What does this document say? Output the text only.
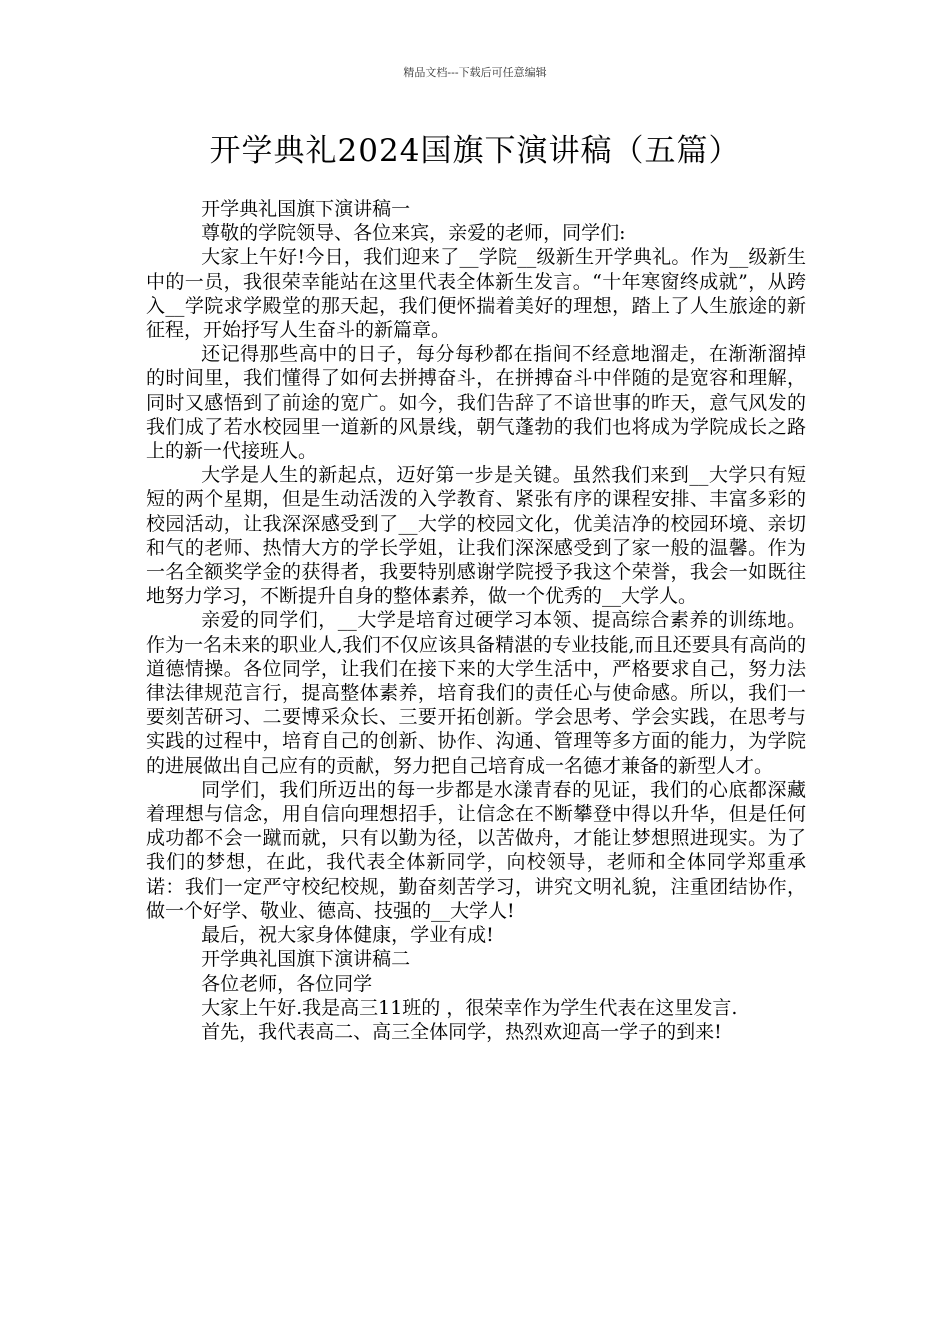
精品文档---下载后可任意编辑
开学典礼2024国旗下演讲稿（五篇）

开学典礼国旗下演讲稿一

尊敬的学院领导、各位来宾，亲爱的老师，同学们:

大家上午好!今日，我们迎来了__学院__级新生开学典礼。作为__级新生中的一员，我很荣幸能站在这里代表全体新生发言。“十年寒窗终成就”，从跨入__学院求学殿堂的那天起，我们便怀揣着美好的理想，踏上了人生旅途的新征程，开始抒写人生奋斗的新篇章。

还记得那些高中的日子，每分每秒都在指间不经意地溜走，在渐渐溜掉的时间里，我们懂得了如何去拼搏奋斗，在拼搏奋斗中伴随的是宽容和理解，同时又感悟到了前途的宽广。如今，我们告辞了不谙世事的昨天，意气风发的我们成了若水校园里一道新的风景线，朝气蓬勃的我们也将成为学院成长之路上的新一代接班人。

大学是人生的新起点，迈好第一步是关键。虽然我们来到__大学只有短短的两个星期，但是生动活泼的入学教育、紧张有序的课程安排、丰富多彩的校园活动，让我深深感受到了__大学的校园文化，优美洁净的校园环境、亲切和气的老师、热情大方的学长学姐，让我们深深感受到了家一般的温馨。作为一名全额奖学金的获得者，我要特别感谢学院授予我这个荣誉，我会一如既往地努力学习，不断提升自身的整体素养，做一个优秀的__大学人。

亲爱的同学们，__大学是培育过硬学习本领、提高综合素养的训练地。作为一名未来的职业人,我们不仅应该具备精湛的专业技能,而且还要具有高尚的道德情操。各位同学，让我们在接下来的大学生活中，严格要求自己，努力法律法律规范言行，提高整体素养，培育我们的责任心与使命感。所以，我们一要刻苦研习、二要博采众长、三要开拓创新。学会思考、学会实践，在思考与实践的过程中，培育自己的创新、协作、沟通、管理等多方面的能力，为学院的进展做出自己应有的贡献，努力把自己培育成一名德才兼备的新型人才。

同学们，我们所迈出的每一步都是水漾青春的见证，我们的心底都深藏着理想与信念，用自信向理想招手，让信念在不断攀登中得以升华，但是任何成功都不会一蹴而就，只有以勤为径，以苦做舟，才能让梦想照进现实。为了我们的梦想，在此，我代表全体新同学，向校领导，老师和全体同学郑重承诺：我们一定严守校纪校规，勤奋刻苦学习，讲究文明礼貌，注重团结协作，做一个好学、敬业、德高、技强的__大学人!

最后，祝大家身体健康，学业有成!

开学典礼国旗下演讲稿二

各位老师，各位同学

大家上午好.我是高三11班的 ，很荣幸作为学生代表在这里发言.

首先，我代表高二、高三全体同学，热烈欢迎高一学子的到来!
